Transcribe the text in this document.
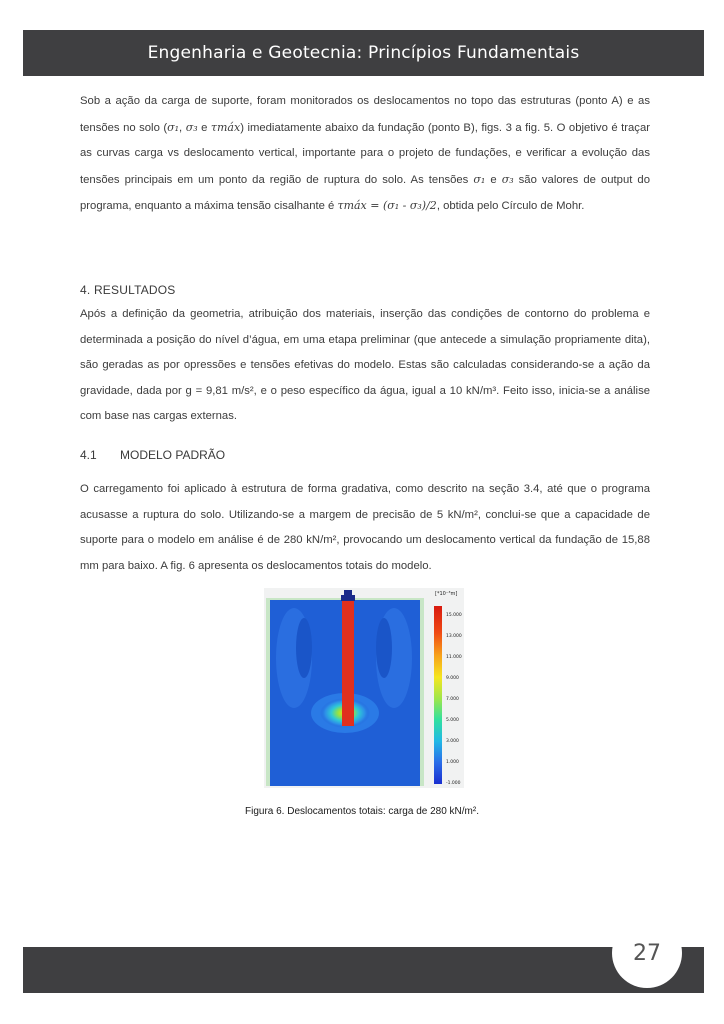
Engenharia e Geotecnia: Princípios Fundamentais
Sob a ação da carga de suporte, foram monitorados os deslocamentos no topo das estruturas (ponto A) e as tensões no solo (σ₁, σ₃ e τmáx) imediatamente abaixo da fundação (ponto B), figs. 3 a fig. 5. O objetivo é traçar as curvas carga vs deslocamento vertical, importante para o projeto de fundações, e verificar a evolução das tensões principais em um ponto da região de ruptura do solo. As tensões σ₁ e σ₃ são valores de output do programa, enquanto a máxima tensão cisalhante é τmáx = (σ₁ - σ₃)/2, obtida pelo Círculo de Mohr.
4. RESULTADOS
Após a definição da geometria, atribuição dos materiais, inserção das condições de contorno do problema e determinada a posição do nível d’água, em uma etapa preliminar (que antecede a simulação propriamente dita), são geradas as por opressões e tensões efetivas do modelo. Estas são calculadas considerando-se a ação da gravidade, dada por g = 9,81 m/s², e o peso específico da água, igual a 10 kN/m³. Feito isso, inicia-se a análise com base nas cargas externas.
4.1 MODELO PADRÃO
O carregamento foi aplicado à estrutura de forma gradativa, como descrito na seção 3.4, até que o programa acusasse a ruptura do solo. Utilizando-se a margem de precisão de 5 kN/m², conclui-se que a capacidade de suporte para o modelo em análise é de 280 kN/m², provocando um deslocamento vertical da fundação de 15,88 mm para baixo. A fig. 6 apresenta os deslocamentos totais do modelo.
[*10⁻³m]
15.000
13.000
11.000
9.000
7.000
5.000
3.000
1.000
-1.000
Figura 6. Deslocamentos totais: carga de 280 kN/m².
27
